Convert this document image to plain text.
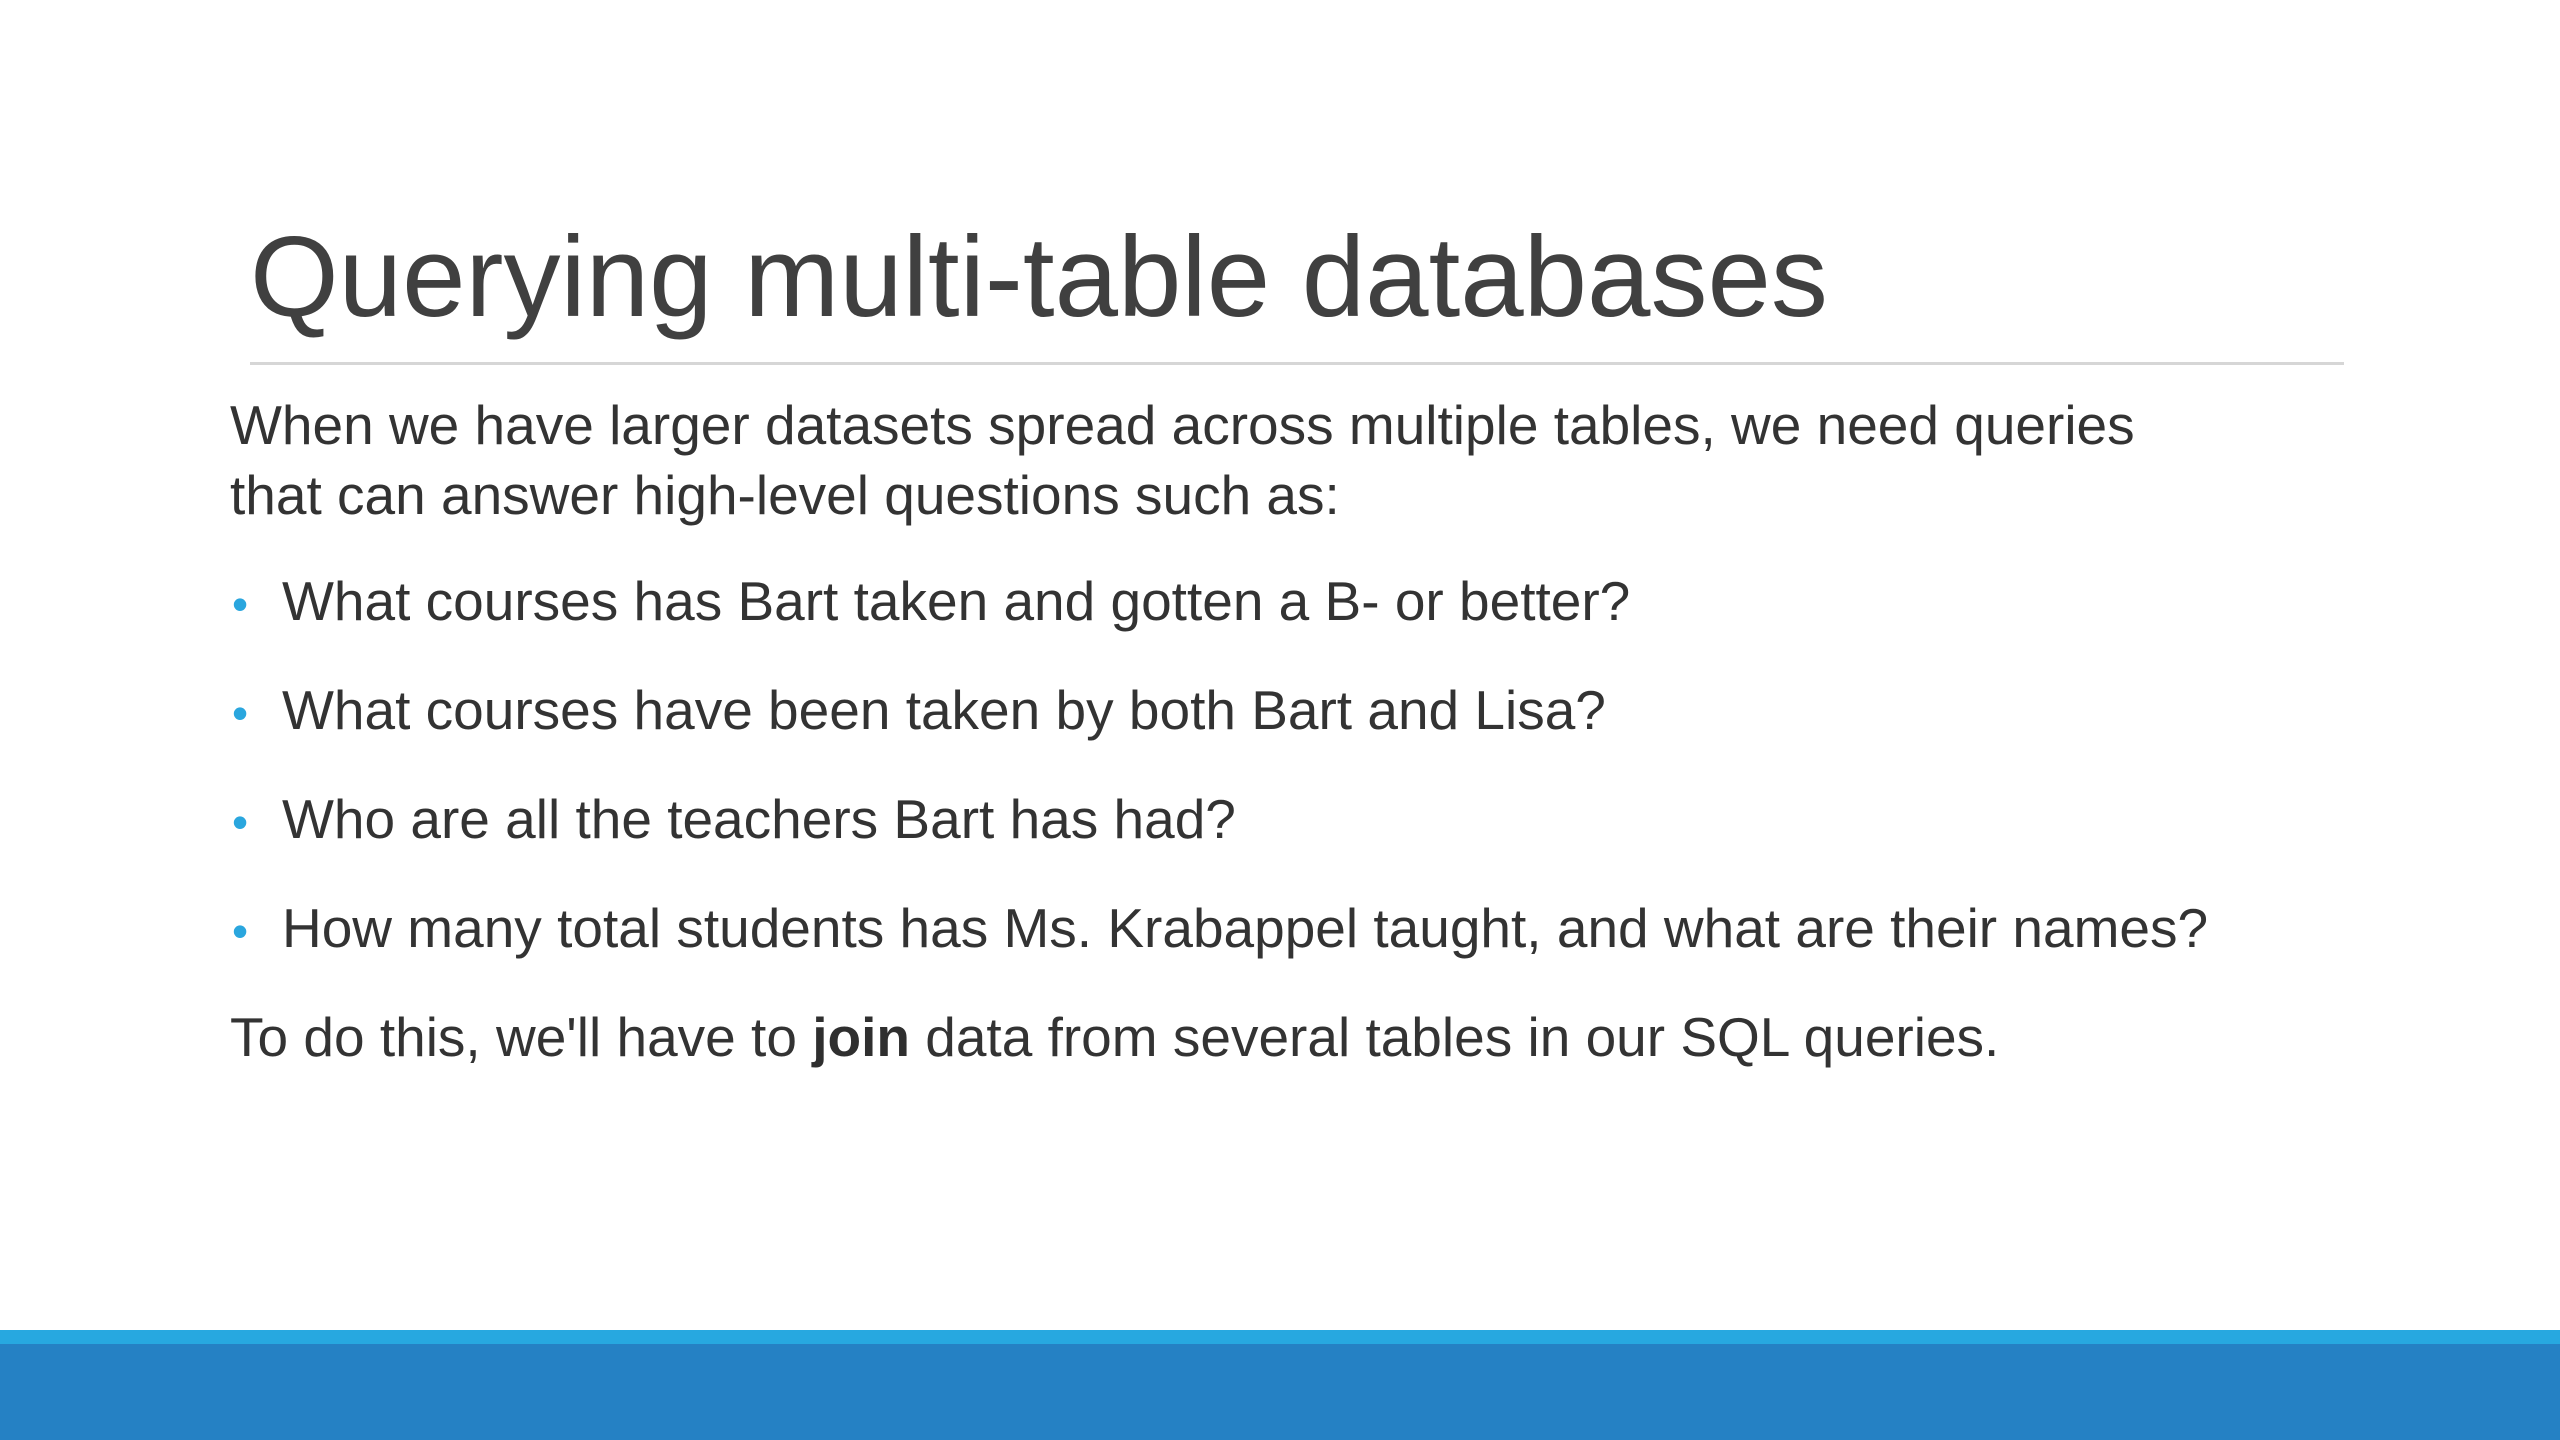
Querying multi-table databases

When we have larger datasets spread across multiple tables, we need queries
that can answer high-level questions such as:

• What courses has Bart taken and gotten a B- or better?
• What courses have been taken by both Bart and Lisa?
• Who are all the teachers Bart has had?
• How many total students has Ms. Krabappel taught, and what are their names?

To do this, we'll have to join data from several tables in our SQL queries.
